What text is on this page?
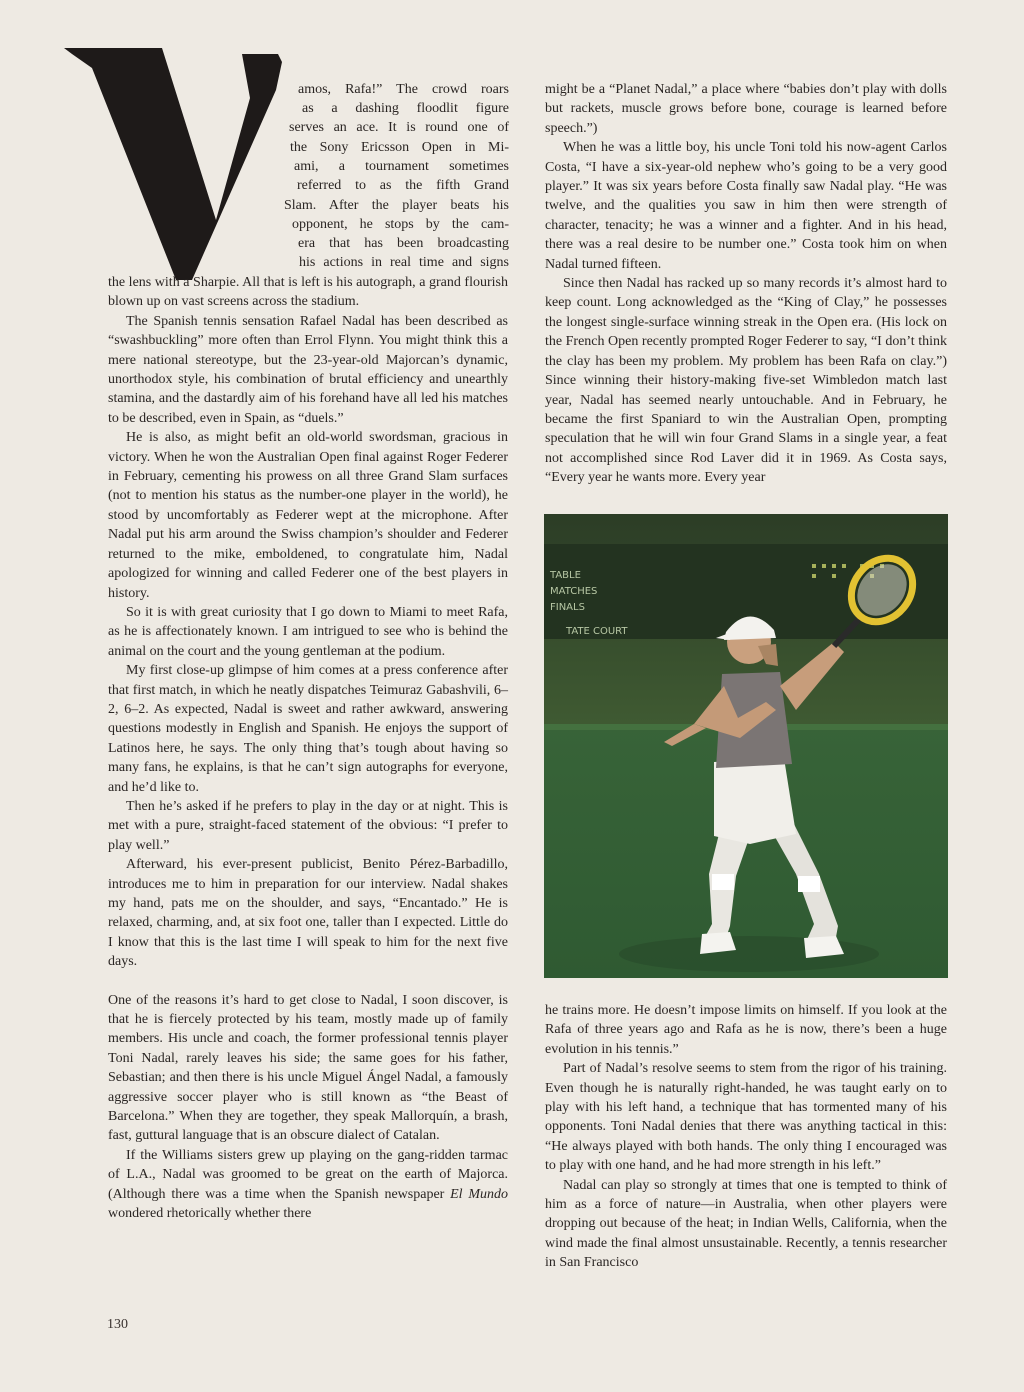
amos, Rafa!” The crowd roars
as a dashing floodlit figure
serves an ace. It is round one of
the Sony Ericsson Open in Mi-
ami, a tournament sometimes
referred to as the fifth Grand
Slam. After the player beats his
opponent, he stops by the cam-
era that has been broadcasting
his actions in real time and signs

the lens with a Sharpie. All that is left is his autograph, a grand flourish blown up on vast screens across the stadium.

The Spanish tennis sensation Rafael Nadal has been described as “swashbuckling” more often than Errol Flynn. You might think this a mere national stereotype, but the 23-year-old Majorcan’s dynamic, unorthodox style, his combination of brutal efficiency and unearthly stamina, and the dastardly aim of his forehand have all led his matches to be described, even in Spain, as “duels.”

He is also, as might befit an old-world swordsman, gracious in victory. When he won the Australian Open final against Roger Federer in February, cementing his prowess on all three Grand Slam surfaces (not to mention his status as the number-one player in the world), he stood by uncomfortably as Federer wept at the microphone. After Nadal put his arm around the Swiss champion’s shoulder and Federer returned to the mike, emboldened, to congratulate him, Nadal apologized for winning and called Federer one of the best players in history.

So it is with great curiosity that I go down to Miami to meet Rafa, as he is affectionately known. I am intrigued to see who is behind the animal on the court and the young gentleman at the podium.

My first close-up glimpse of him comes at a press conference after that first match, in which he neatly dispatches Teimuraz Gabashvili, 6–2, 6–2. As expected, Nadal is sweet and rather awkward, answering questions modestly in English and Spanish. He enjoys the support of Latinos here, he says. The only thing that’s tough about having so many fans, he explains, is that he can’t sign autographs for everyone, and he’d like to.

Then he’s asked if he prefers to play in the day or at night. This is met with a pure, straight-faced statement of the obvious: “I prefer to play well.”

Afterward, his ever-present publicist, Benito Pérez-Barbadillo, introduces me to him in preparation for our interview. Nadal shakes my hand, pats me on the shoulder, and says, “Encantado.” He is relaxed, charming, and, at six foot one, taller than I expected. Little do I know that this is the last time I will speak to him for the next five days.

One of the reasons it’s hard to get close to Nadal, I soon discover, is that he is fiercely protected by his team, mostly made up of family members. His uncle and coach, the former professional tennis player Toni Nadal, rarely leaves his side; the same goes for his father, Sebastian; and then there is his uncle Miguel Ángel Nadal, a famously aggressive soccer player who is still known as “the Beast of Barcelona.” When they are together, they speak Mallorquín, a brash, fast, guttural language that is an obscure dialect of Catalan.

If the Williams sisters grew up playing on the gang-ridden tarmac of L.A., Nadal was groomed to be great on the earth of Majorca. (Although there was a time when the Spanish newspaper El Mundo wondered rhetorically whether there

might be a “Planet Nadal,” a place where “babies don’t play with dolls but rackets, muscle grows before bone, courage is learned before speech.”)

When he was a little boy, his uncle Toni told his now-agent Carlos Costa, “I have a six-year-old nephew who’s going to be a very good player.” It was six years before Costa finally saw Nadal play. “He was twelve, and the qualities you saw in him then were strength of character, tenacity; he was a winner and a fighter. And in his head, there was a real desire to be number one.” Costa took him on when Nadal turned fifteen.

Since then Nadal has racked up so many records it’s almost hard to keep count. Long acknowledged as the “King of Clay,” he possesses the longest single-surface winning streak in the Open era. (His lock on the French Open recently prompted Roger Federer to say, “I don’t think the clay has been my problem. My problem has been Rafa on clay.”) Since winning their history-making five-set Wimbledon match last year, Nadal has seemed nearly untouchable. And in February, he became the first Spaniard to win the Australian Open, prompting speculation that he will win four Grand Slams in a single year, a feat not accomplished since Rod Laver did it in 1969. As Costa says, “Every year he wants more. Every year

TABLE
MATCHES
FINALS
TATE COURT

he trains more. He doesn’t impose limits on himself. If you look at the Rafa of three years ago and Rafa as he is now, there’s been a huge evolution in his tennis.”

Part of Nadal’s resolve seems to stem from the rigor of his training. Even though he is naturally right-handed, he was taught early on to play with his left hand, a technique that has tormented many of his opponents. Toni Nadal denies that there was anything tactical in this: “He always played with both hands. The only thing I encouraged was to play with one hand, and he had more strength in his left.”

Nadal can play so strongly at times that one is tempted to think of him as a force of nature—in Australia, when other players were dropping out because of the heat; in Indian Wells, California, when the wind made the final almost unsustainable. Recently, a tennis researcher in San Francisco

130
